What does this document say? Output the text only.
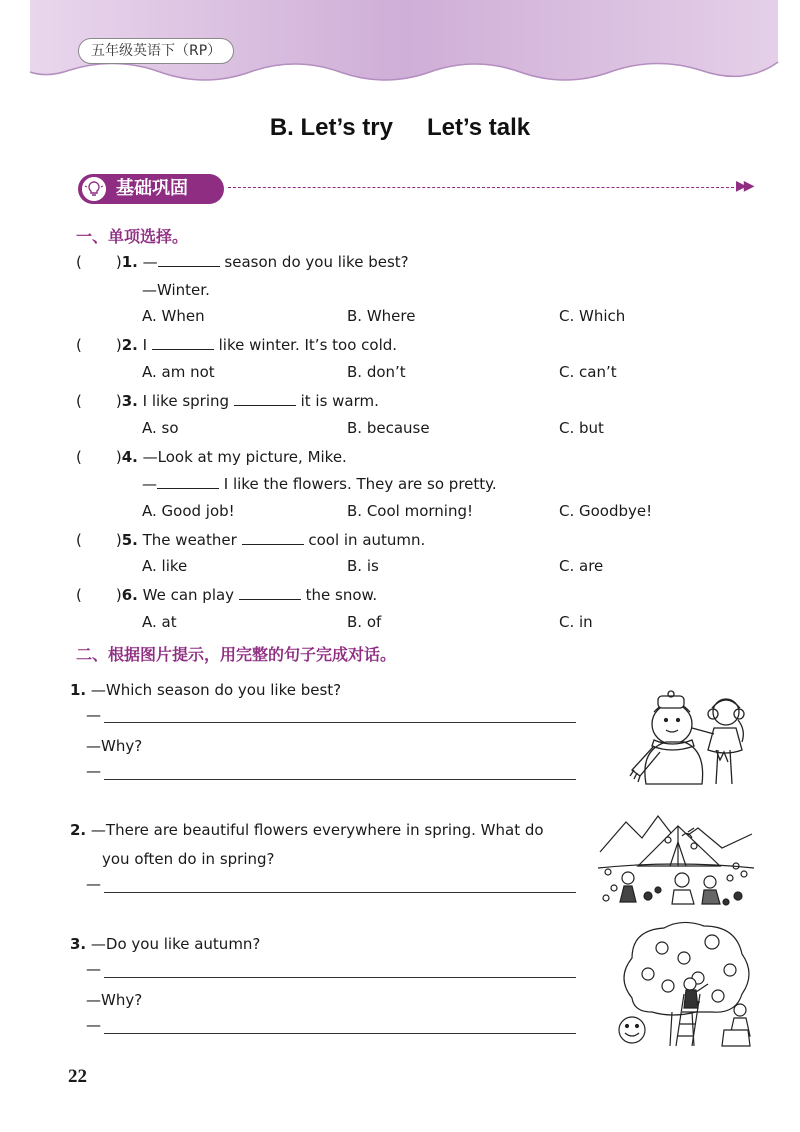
五年级英语下（RP）
B. Let’s try Let’s talk
基础巩固	▶▶
一、单项选择。
( )1. —	season do you like best?
—Winter.
A. When	B. Where	C. Which
( )2. I	like winter. It’s too cold.
A. am not	B. don’t	C. can’t
( )3. I like spring	it is warm.
A. so	B. because	C. but
( )4. —Look at my picture, Mike.
—	I like the flowers. They are so pretty.
A. Good job!	B. Cool morning!	C. Goodbye!
( )5. The weather	cool in autumn.
A. like	B. is	C. are
( )6. We can play	the snow.
A. at	B. of	C. in
二、根据图片提示，用完整的句子完成对话。
1. —Which season do you like best?
—
—Why?
—
2. —There are beautiful flowers everywhere in spring. What do
you often do in spring?
—
3. —Do you like autumn?
—
—Why?
—
22
